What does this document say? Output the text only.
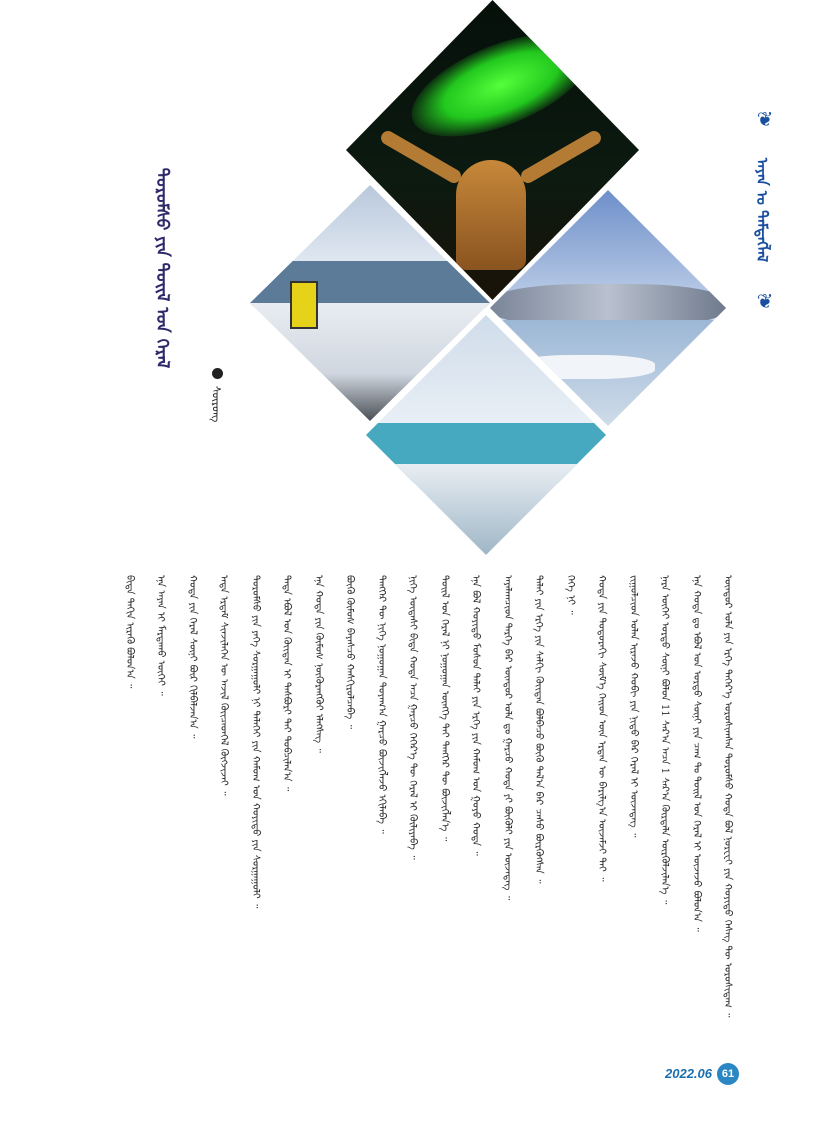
❦
ᠠᠶᠠᠨ ᠤ ᠲᠡᠮᠳᠡᠭᠯᠡᠯ
❦
ᠲᠤᠷᠤᠮᠰᠦ ᠶᠢᠨ ᠲᠤᠢᠯ ᠤᠨ ᠭᠡᠷᠡᠯ
ᠰᠦᠷᠦᠩ
ᠦᠨᠳᠦᠷ ᠤᠯᠠ ᠶᠢᠨ ᠡᠷᠭᠡ ᠳᠡᠭᠡᠷ᠎ᠡ ᠣᠷᠣᠰᠢᠭᠰᠠᠨ ᠲᠤᠷᠤᠮᠰᠦ ᠬᠣᠲᠠ ᠪᠣᠯ ᠨᠣᠷᠸᠧᠢ ᠶᠢᠨ ᠬᠣᠶᠢᠳᠤ ᠬᠡᠰᠡᠭ ᠲᠦ ᠣᠷᠣᠰᠢᠳᠠᠭ ᠃
ᠡᠨᠡ ᠬᠣᠲᠠ ᠳᠤ ᠡᠪᠦᠯ ᠤᠨ ᠤᠷᠲᠤ ᠰᠦᠨᠢ ᠶᠢᠨ ᠴᠠᠭ ᠲᠤ ᠲᠤᠢᠯ ᠤᠨ ᠭᠡᠷᠡᠯ ᠢ ᠦᠵᠡᠵᠦ ᠪᠣᠯᠤᠨ᠎ᠠ ᠃
ᠨᠠᠷᠠ ᠦᠭᠡᠢ ᠤᠷᠲᠤ ᠰᠦᠨᠢ ᠪᠣᠯᠤᠨ 11 ᠰᠠᠷ᠎ᠠ ᠠᠴᠠ 1 ᠰᠠᠷ᠎ᠠ ᠬᠦᠷᠲᠡᠯᠡ ᠦᠷᠭᠦᠯᠵᠢᠯᠡᠨ᠎ᠡ ᠃
ᠵᠢᠭᠤᠯᠴᠢᠳ ᠣᠯᠠᠨ ᠢᠷᠡᠵᠦ ᠬᠤᠪᠢ ᠶᠢᠨ ᠨᠢᠳᠦ ᠪᠡᠷ ᠭᠡᠷᠡᠯ ᠢ ᠦᠵᠡᠳᠡᠭ ᠃
ᠬᠣᠲᠠ ᠶᠢᠨ ᠳᠣᠲᠣᠷᠠᠬᠢ ᠰᠦᠮ᠎ᠡ ᠬᠡᠢᠳ ᠦᠨ ᠡᠷᠲᠡᠨ ᠦ ᠪᠠᠷᠢᠯᠭ᠎ᠠ ᠦᠵᠡᠮᠵᠢ ᠲᠡᠢ ᠃
ᠬᠡᠬᠡ ᠨᠢ ᠃
ᠳᠠᠯᠠᠢ ᠶᠢᠨ ᠡᠷᠭᠡ ᠶᠢᠨ ᠰᠠᠯᠬᠢ ᠬᠦᠢᠲᠡᠨ ᠪᠣᠯᠪᠠᠴᠤ ᠪᠦᠬᠦ ᠲᠠᠯ᠎ᠠ ᠪᠡᠷ ᠴᠠᠰᠤ ᠪᠦᠷᠬᠦᠭᠰᠡᠨ ᠃
ᠠᠶᠠᠯᠠᠭᠴᠢᠳ ᠲᠡᠷᠭᠡ ᠪᠡᠷ ᠦᠨᠳᠦᠷ ᠤᠯᠠ ᠳᠤ ᠭᠠᠷᠴᠤ ᠬᠣᠲᠠ ᠶᠢ ᠪᠦᠬᠦᠯᠢ ᠶᠢᠨ ᠦᠵᠡᠳᠡᠭ ᠃
ᠡᠨᠡ ᠪᠣᠯ ᠬᠣᠶᠢᠳᠤ ᠮᠤᠰᠤᠨ ᠳᠠᠯᠠᠢ ᠶᠢᠨ ᠡᠷᠭᠡ ᠶᠢᠨ ᠬᠠᠮᠤᠭ ᠤᠨ ᠭᠣᠶᠤ ᠬᠣᠲᠠ ᠃
ᠲᠤᠢᠯ ᠤᠨ ᠭᠡᠷᠡᠯ ᠨᠢ ᠨᠣᠭᠣᠭᠠᠨ ᠦᠩᠭᠡ ᠲᠡᠢ ᠲᠡᠩᠭᠡᠷ ᠲᠦ ᠪᠦᠵᠢᠭᠯᠡᠨ᠎ᠡ ᠃
ᠨᠢᠭᠡ ᠦᠳᠡᠰᠢ ᠪᠢᠳᠡ ᠬᠣᠲᠠ ᠠᠴᠠ ᠭᠠᠷᠴᠤ ᠬᠡᠭᠡᠷ᠎ᠡ ᠲᠦ ᠭᠡᠷᠡᠯ ᠢ ᠬᠦᠯᠢᠶᠡᠪᠡ ᠃
ᠲᠡᠩᠭᠡᠷ ᠲᠦ ᠨᠢᠭᠡ ᠨᠣᠭᠣᠭᠠᠨ ᠲᠤᠶᠠᠭ᠎ᠠ ᠭᠠᠷᠴᠤ ᠪᠦᠵᠢᠭᠯᠡᠵᠦ ᠡᠬᠢᠯᠡᠪᠡ ᠃
ᠪᠦᠬᠦ ᠬᠦᠮᠦᠰ ᠪᠠᠶᠠᠰᠴᠤ ᠬᠠᠰᠬᠢᠷᠤᠯᠴᠠᠪᠠ ᠃
ᠡᠨᠡ ᠬᠣᠲᠠ ᠶᠢᠨ ᠬᠦᠮᠦᠰ ᠨᠥᠭᠥᠷᠡᠩᠭᠦᠢ ᠡᠯᠡᠭᠰᠡᠭ ᠃
ᠲᠡᠳᠡ ᠡᠪᠦᠯ ᠤᠨ ᠬᠦᠢᠲᠡᠨ ᠢ ᠲᠡᠰᠪᠦᠷᠢ ᠲᠡᠢ ᠲᠤᠪᠴᠢᠯᠠᠨ᠎ᠠ ᠃
ᠲᠤᠷᠤᠮᠰᠦ ᠶᠢᠨ ᠶᠡᠬᠡ ᠰᠤᠷᠭᠠᠭᠤᠯᠢ ᠨᠢ ᠳᠡᠯᠡᠬᠡᠢ ᠶᠢᠨ ᠬᠠᠮᠤᠭ ᠤᠨ ᠬᠣᠶᠢᠳᠤ ᠶᠢᠨ ᠰᠤᠷᠭᠠᠭᠤᠯᠢ ᠃
ᠡᠨᠳᠡ ᠡᠷᠳᠡᠮ ᠰᠢᠨᠵᠢᠯᠡᠭᠡᠨ ᠦ ᠠᠵᠢᠯ ᠬᠦᠢᠴᠡᠳᠬᠡᠯ ᠬᠦᠭᠵᠢᠵᠡᠢ ᠃
ᠬᠣᠲᠠ ᠶᠢᠨ ᠭᠡᠷᠡᠯ ᠰᠦᠨᠢ ᠪᠦᠷ ᠭᠢᠯᠪᠠᠯᠵᠠᠨ᠎ᠠ ᠃
ᠡᠨᠡ ᠠᠶᠠᠨ ᠢ ᠮᠠᠷᠲᠠᠬᠤ ᠦᠭᠡᠢ ᠃
ᠪᠢᠳᠡ ᠳᠠᠬᠢᠨ ᠢᠷᠡᠬᠦ ᠪᠣᠯᠤᠨ᠎ᠠ ᠃
2022.06 61
